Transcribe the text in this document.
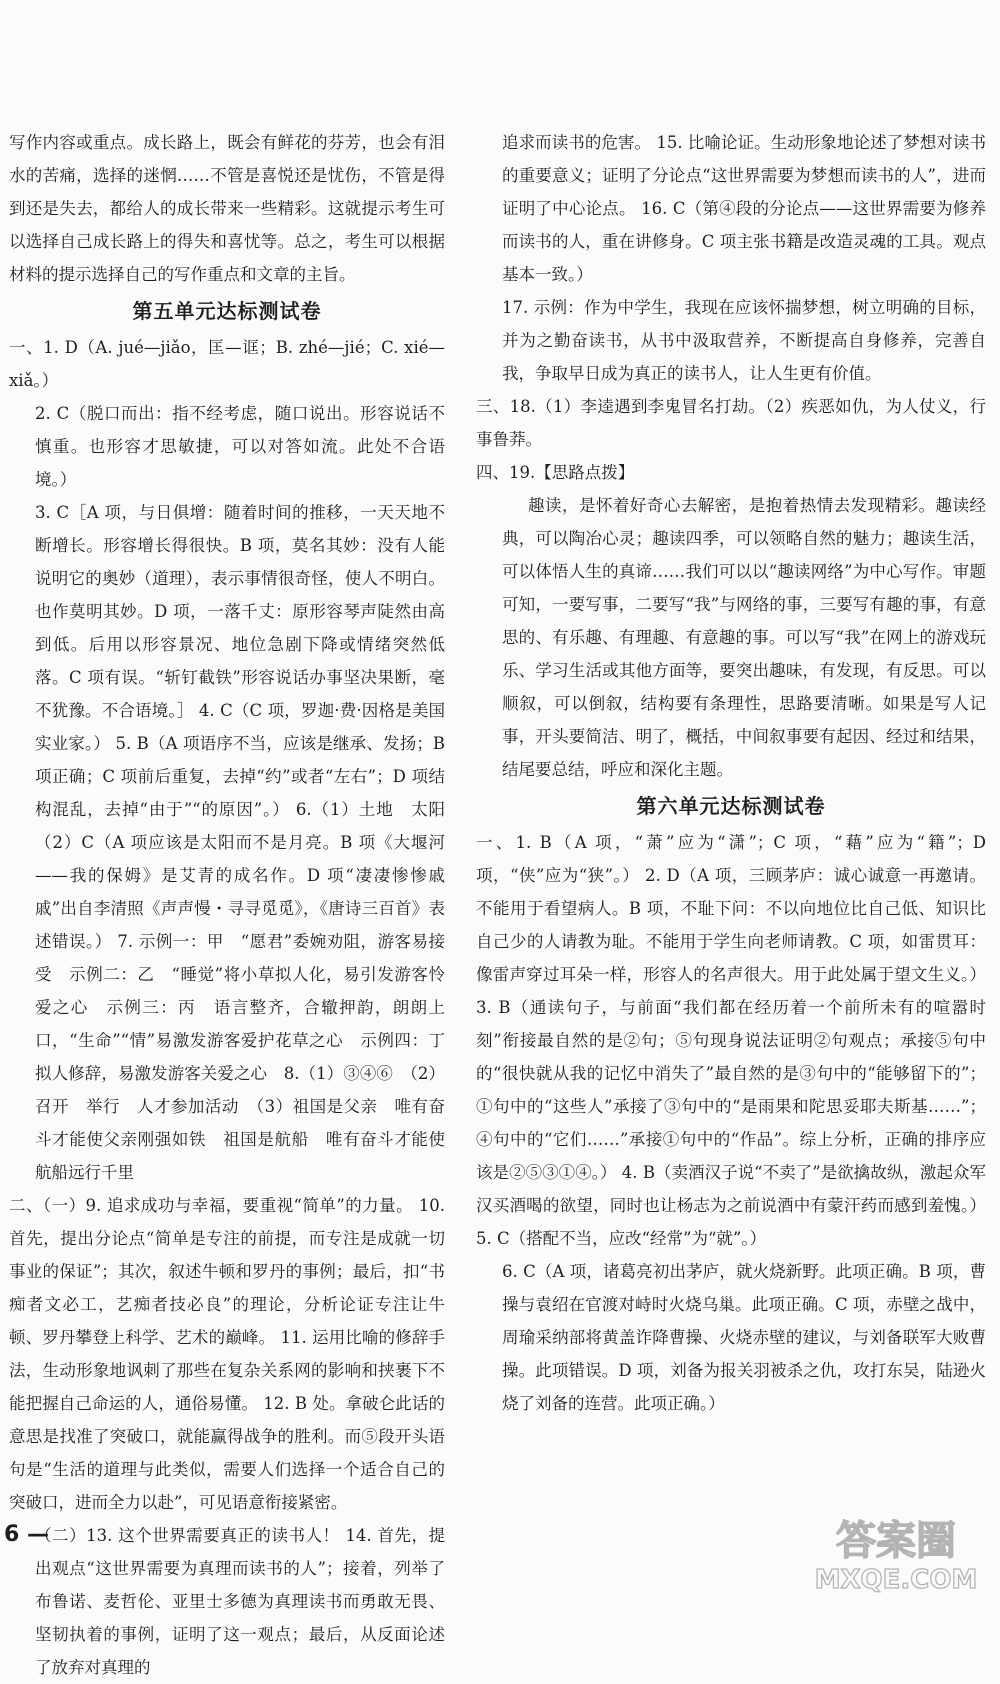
写作内容或重点。成长路上，既会有鲜花的芬芳，也会有泪水的苦痛，选择的迷惘……不管是喜悦还是忧伤，不管是得到还是失去，都给人的成长带来一些精彩。这就提示考生可以选择自己成长路上的得失和喜忧等。总之，考生可以根据材料的提示选择自己的写作重点和文章的主旨。

第五单元达标测试卷

一、1. D（A. jué—jiǎo，匡—诓；B. zhé—jié；C. xié—xiǎ。）

2. C（脱口而出：指不经考虑，随口说出。形容说话不慎重。也形容才思敏捷，可以对答如流。此处不合语境。）

3. C［A 项，与日俱增：随着时间的推移，一天天地不断增长。形容增长得很快。B 项，莫名其妙：没有人能说明它的奥妙（道理），表示事情很奇怪，使人不明白。也作莫明其妙。D 项，一落千丈：原形容琴声陡然由高到低。后用以形容景况、地位急剧下降或情绪突然低落。C 项有误。“斩钉截铁”形容说话办事坚决果断，毫不犹豫。不合语境。］ 4. C（C 项，罗迦·费·因格是美国实业家。） 5. B（A 项语序不当，应该是继承、发扬；B 项正确；C 项前后重复，去掉“约”或者“左右”；D 项结构混乱，去掉“由于”“的原因”。） 6.（1）土地　太阳　（2）C（A 项应该是太阳而不是月亮。B 项《大堰河——我的保姆》是艾青的成名作。D 项“凄凄惨惨戚戚”出自李清照《声声慢・寻寻觅觅》，《唐诗三百首》表述错误。） 7. 示例一：甲　“愿君”委婉劝阻，游客易接受　示例二：乙　“睡觉”将小草拟人化，易引发游客怜爱之心　示例三：丙　语言整齐，合辙押韵，朗朗上口，“生命”“情”易激发游客爱护花草之心　示例四：丁　拟人修辞，易激发游客关爱之心　8.（1）③④⑥　（2）召开　举行　人才参加活动　（3）祖国是父亲　唯有奋斗才能使父亲刚强如铁　祖国是航船　唯有奋斗才能使航船远行千里

二、（一）9. 追求成功与幸福，要重视“简单”的力量。 10. 首先，提出分论点“简单是专注的前提，而专注是成就一切事业的保证”；其次，叙述牛顿和罗丹的事例；最后，扣“书痴者文必工，艺痴者技必良”的理论，分析论证专注让牛顿、罗丹攀登上科学、艺术的巅峰。 11. 运用比喻的修辞手法，生动形象地讽刺了那些在复杂关系网的影响和挟裹下不能把握自己命运的人，通俗易懂。 12. B 处。拿破仑此话的意思是找准了突破口，就能赢得战争的胜利。而⑤段开头语句是“生活的道理与此类似，需要人们选择一个适合自己的突破口，进而全力以赴”，可见语意衔接紧密。

（二）13. 这个世界需要真正的读书人！ 14. 首先，提出观点“这世界需要为真理而读书的人”；接着，列举了布鲁诺、麦哲伦、亚里士多德为真理读书而勇敢无畏、坚韧执着的事例，证明了这一观点；最后，从反面论述了放弃对真理的

追求而读书的危害。 15. 比喻论证。生动形象地论述了梦想对读书的重要意义；证明了分论点“这世界需要为梦想而读书的人”，进而证明了中心论点。 16. C（第④段的分论点——这世界需要为修养而读书的人，重在讲修身。C 项主张书籍是改造灵魂的工具。观点基本一致。）

17. 示例：作为中学生，我现在应该怀揣梦想，树立明确的目标，并为之勤奋读书，从书中汲取营养，不断提高自身修养，完善自我，争取早日成为真正的读书人，让人生更有价值。

三、18.（1）李逵遇到李鬼冒名打劫。（2）疾恶如仇，为人仗义，行事鲁莽。

四、19.【思路点拨】

趣读，是怀着好奇心去解密，是抱着热情去发现精彩。趣读经典，可以陶冶心灵；趣读四季，可以领略自然的魅力；趣读生活，可以体悟人生的真谛……我们可以以“趣读网络”为中心写作。审题可知，一要写事，二要写“我”与网络的事，三要写有趣的事，有意思的、有乐趣、有理趣、有意趣的事。可以写“我”在网上的游戏玩乐、学习生活或其他方面等，要突出趣味，有发现，有反思。可以顺叙，可以倒叙，结构要有条理性，思路要清晰。如果是写人记事，开头要简洁、明了，概括，中间叙事要有起因、经过和结果，结尾要总结，呼应和深化主题。

第六单元达标测试卷

一、1. B（A 项，“萧”应为“潇”；C 项，“藉”应为“籍”；D 项，“侠”应为“狭”。） 2. D（A 项，三顾茅庐：诚心诚意一再邀请。不能用于看望病人。B 项，不耻下问：不以向地位比自己低、知识比自己少的人请教为耻。不能用于学生向老师请教。C 项，如雷贯耳：像雷声穿过耳朵一样，形容人的名声很大。用于此处属于望文生义。） 3. B（通读句子，与前面“我们都在经历着一个前所未有的喧嚣时刻”衔接最自然的是②句；⑤句现身说法证明②句观点；承接⑤句中的“很快就从我的记忆中消失了”最自然的是③句中的“能够留下的”；①句中的“这些人”承接了③句中的“是雨果和陀思妥耶夫斯基……”；④句中的“它们……”承接①句中的“作品”。综上分析，正确的排序应该是②⑤③①④。） 4. B（卖酒汉子说“不卖了”是欲擒故纵，激起众军汉买酒喝的欲望，同时也让杨志为之前说酒中有蒙汗药而感到羞愧。） 5. C（搭配不当，应改“经常”为“就”。）

6. C（A 项，诸葛亮初出茅庐，就火烧新野。此项正确。B 项，曹操与袁绍在官渡对峙时火烧乌巢。此项正确。C 项，赤壁之战中，周瑜采纳部将黄盖诈降曹操、火烧赤壁的建议，与刘备联军大败曹操。此项错误。D 项，刘备为报关羽被杀之仇，攻打东吴，陆逊火烧了刘备的连营。此项正确。）

6 —	答案圈
MXQE.COM
